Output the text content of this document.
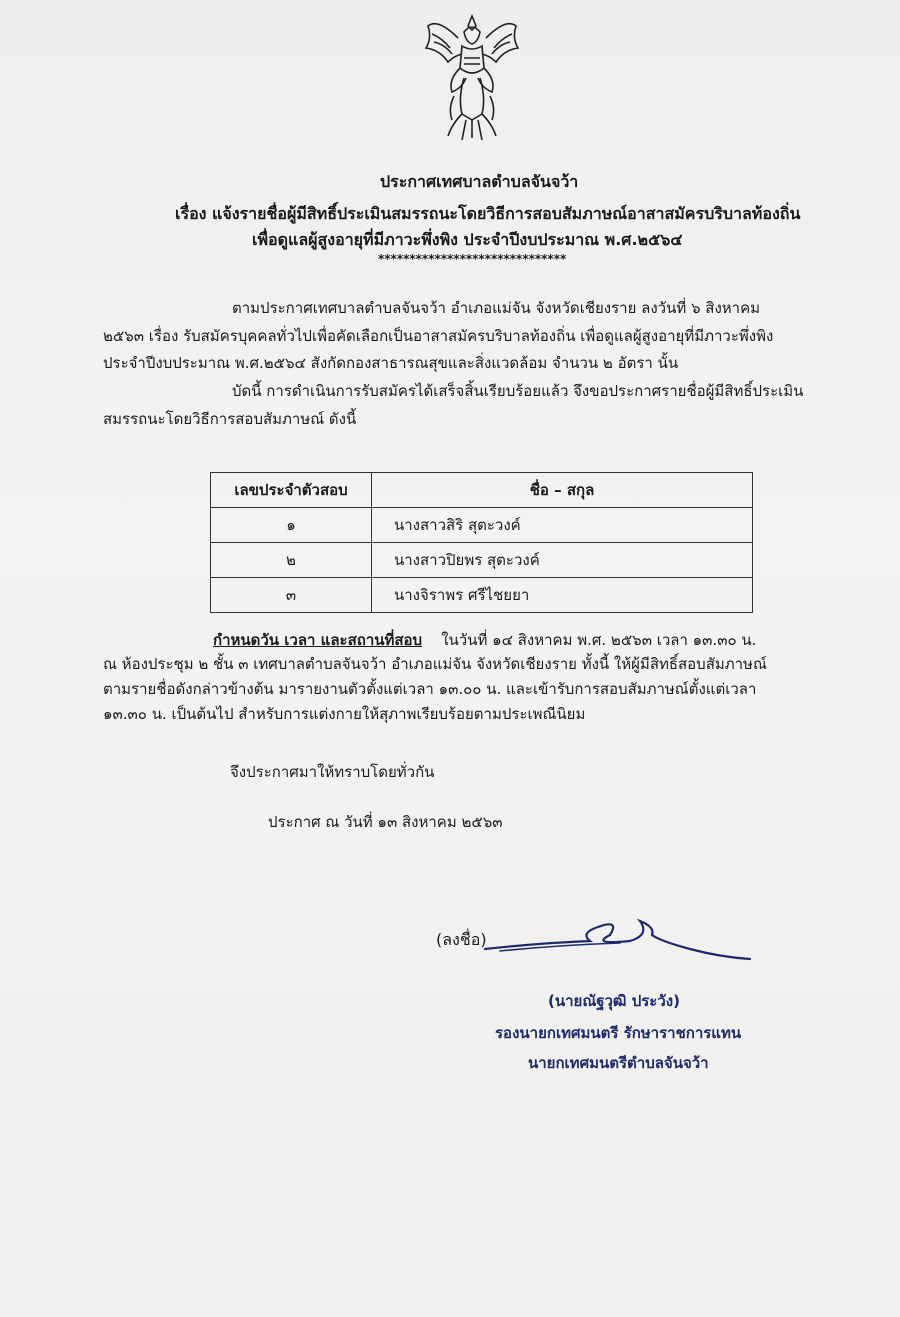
ประกาศเทศบาลตำบลจันจว้า
เรื่อง แจ้งรายชื่อผู้มีสิทธิ์ประเมินสมรรถนะโดยวิธีการสอบสัมภาษณ์อาสาสมัครบริบาลท้องถิ่น
เพื่อดูแลผู้สูงอายุที่มีภาวะพึ่งพิง ประจำปีงบประมาณ พ.ศ.๒๕๖๔
******************************
ตามประกาศเทศบาลตำบลจันจว้า อำเภอแม่จัน จังหวัดเชียงราย ลงวันที่ ๖ สิงหาคม
๒๕๖๓ เรื่อง รับสมัครบุคคลทั่วไปเพื่อคัดเลือกเป็นอาสาสมัครบริบาลท้องถิ่น เพื่อดูแลผู้สูงอายุที่มีภาวะพึ่งพิง
ประจำปีงบประมาณ พ.ศ.๒๕๖๔ สังกัดกองสาธารณสุขและสิ่งแวดล้อม จำนวน ๒ อัตรา นั้น
บัดนี้ การดำเนินการรับสมัครได้เสร็จสิ้นเรียบร้อยแล้ว จึงขอประกาศรายชื่อผู้มีสิทธิ์ประเมิน
สมรรถนะโดยวิธีการสอบสัมภาษณ์ ดังนี้
เลขประจำตัวสอบ	ชื่อ – สกุล
๑	นางสาวสิริ สุตะวงค์
๒	นางสาวปิยพร สุตะวงค์
๓	นางจิราพร ศรีไชยยา
กำหนดวัน เวลา และสถานที่สอบ ในวันที่ ๑๔ สิงหาคม พ.ศ. ๒๕๖๓ เวลา ๑๓.๓๐ น.
ณ ห้องประชุม ๒ ชั้น ๓ เทศบาลตำบลจันจว้า อำเภอแม่จัน จังหวัดเชียงราย ทั้งนี้ ให้ผู้มีสิทธิ์สอบสัมภาษณ์
ตามรายชื่อดังกล่าวข้างต้น มารายงานตัวตั้งแต่เวลา ๑๓.๐๐ น. และเข้ารับการสอบสัมภาษณ์ตั้งแต่เวลา
๑๓.๓๐ น. เป็นต้นไป สำหรับการแต่งกายให้สุภาพเรียบร้อยตามประเพณีนิยม
จึงประกาศมาให้ทราบโดยทั่วกัน
ประกาศ ณ วันที่ ๑๓ สิงหาคม ๒๕๖๓
(ลงชื่อ)
(นายณัฐวุฒิ ประวัง)
รองนายกเทศมนตรี รักษาราชการแทน
นายกเทศมนตรีตำบลจันจว้า
